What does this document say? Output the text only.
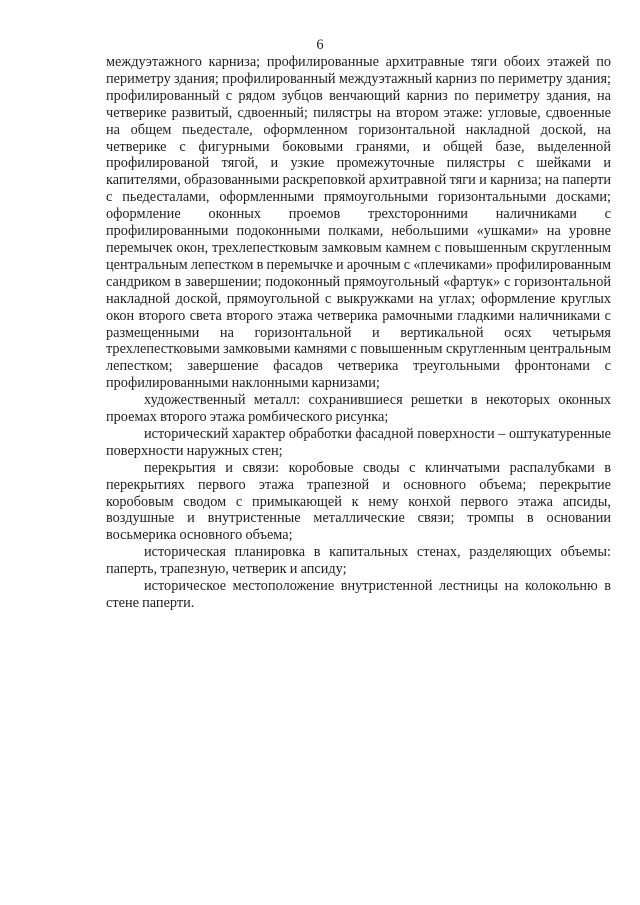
6

междуэтажного карниза; профилированные архитравные тяги обоих этажей по периметру здания; профилированный междуэтажный карниз по периметру здания; профилированный с рядом зубцов венчающий карниз по периметру здания, на четверике развитый, сдвоенный; пилястры на втором этаже: угловые, сдвоенные на общем пьедестале, оформленном горизонтальной накладной доской, на четверике с фигурными боковыми гранями, и общей базе, выделенной профилированой тягой, и узкие промежуточные пилястры с шейками и капителями, образованными раскреповкой архитравной тяги и карниза; на паперти с пьедесталами, оформленными прямоугольными горизонтальными досками; оформление оконных проемов трехсторонними наличниками с профилированными подоконными полками, небольшими «ушками» на уровне перемычек окон, трехлепестковым замковым камнем с повышенным скругленным центральным лепестком в перемычке и арочным с «плечиками» профилированным сандриком в завершении; подоконный прямоугольный «фартук» с горизонтальной накладной доской, прямоугольной с выкружками на углах; оформление круглых окон второго света второго этажа четверика рамочными гладкими наличниками с размещенными на горизонтальной и вертикальной осях четырьмя трехлепестковыми замковыми камнями с повышенным скругленным центральным лепестком; завершение фасадов четверика треугольными фронтонами с профилированными наклонными карнизами;

художественный металл: сохранившиеся решетки в некоторых оконных проемах второго этажа ромбического рисунка;

исторический характер обработки фасадной поверхности – оштукатуренные поверхности наружных стен;

перекрытия и связи: коробовые своды с клинчатыми распалубками в перекрытиях первого этажа трапезной и основного объема; перекрытие коробовым сводом с примыкающей к нему конхой первого этажа апсиды, воздушные и внутристенные металлические связи; тромпы в основании восьмерика основного объема;

историческая планировка в капитальных стенах, разделяющих объемы: паперть, трапезную, четверик и апсиду;

историческое местоположение внутристенной лестницы на колокольню в стене паперти.
